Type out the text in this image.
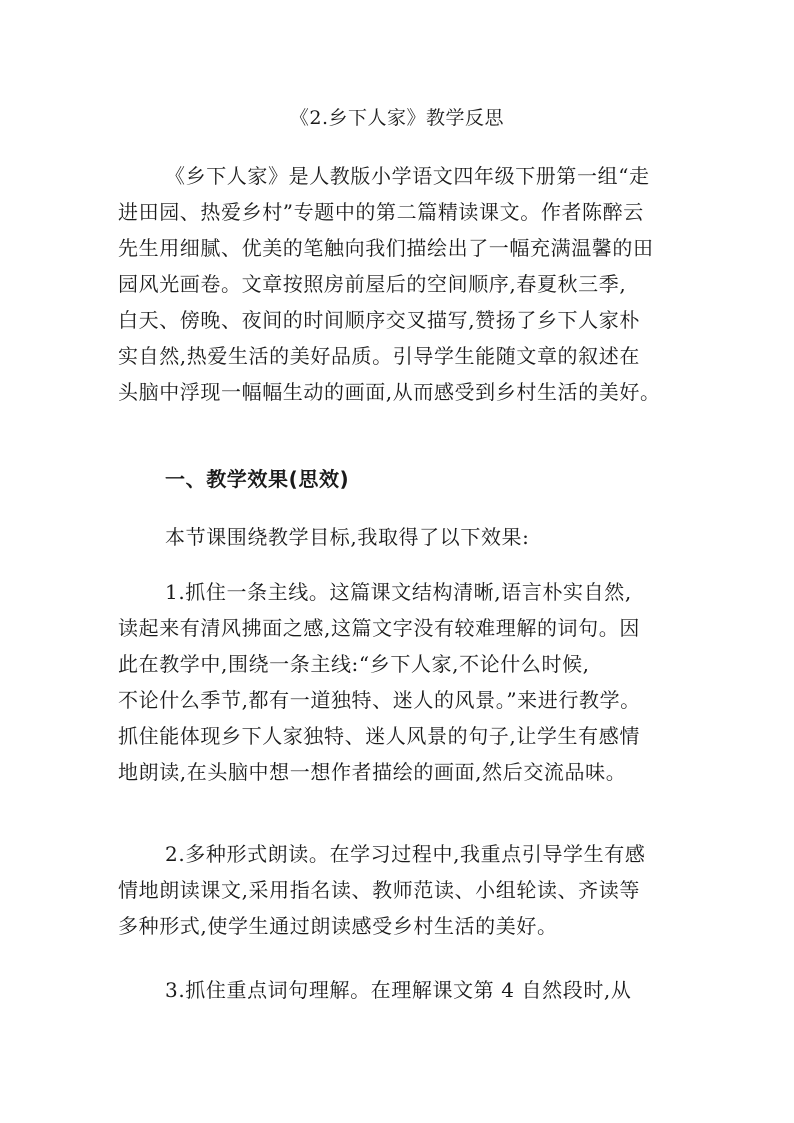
《2.乡下人家》教学反思
《乡下人家》是人教版小学语文四年级下册第一组“走
进田园、热爱乡村”专题中的第二篇精读课文。作者陈醉云
先生用细腻、优美的笔触向我们描绘出了一幅充满温馨的田
园风光画卷。文章按照房前屋后的空间顺序,春夏秋三季,
白天、傍晚、夜间的时间顺序交叉描写,赞扬了乡下人家朴
实自然,热爱生活的美好品质。引导学生能随文章的叙述在
头脑中浮现一幅幅生动的画面,从而感受到乡村生活的美好。
一、教学效果(思效)
本节课围绕教学目标,我取得了以下效果:
1.抓住一条主线。这篇课文结构清晰,语言朴实自然,
读起来有清风拂面之感,这篇文字没有较难理解的词句。因
此在教学中,围绕一条主线:“乡下人家,不论什么时候,
不论什么季节,都有一道独特、迷人的风景。”来进行教学。
抓住能体现乡下人家独特、迷人风景的句子,让学生有感情
地朗读,在头脑中想一想作者描绘的画面,然后交流品味。
2.多种形式朗读。在学习过程中,我重点引导学生有感
情地朗读课文,采用指名读、教师范读、小组轮读、齐读等
多种形式,使学生通过朗读感受乡村生活的美好。
3.抓住重点词句理解。在理解课文第 4 自然段时,从
